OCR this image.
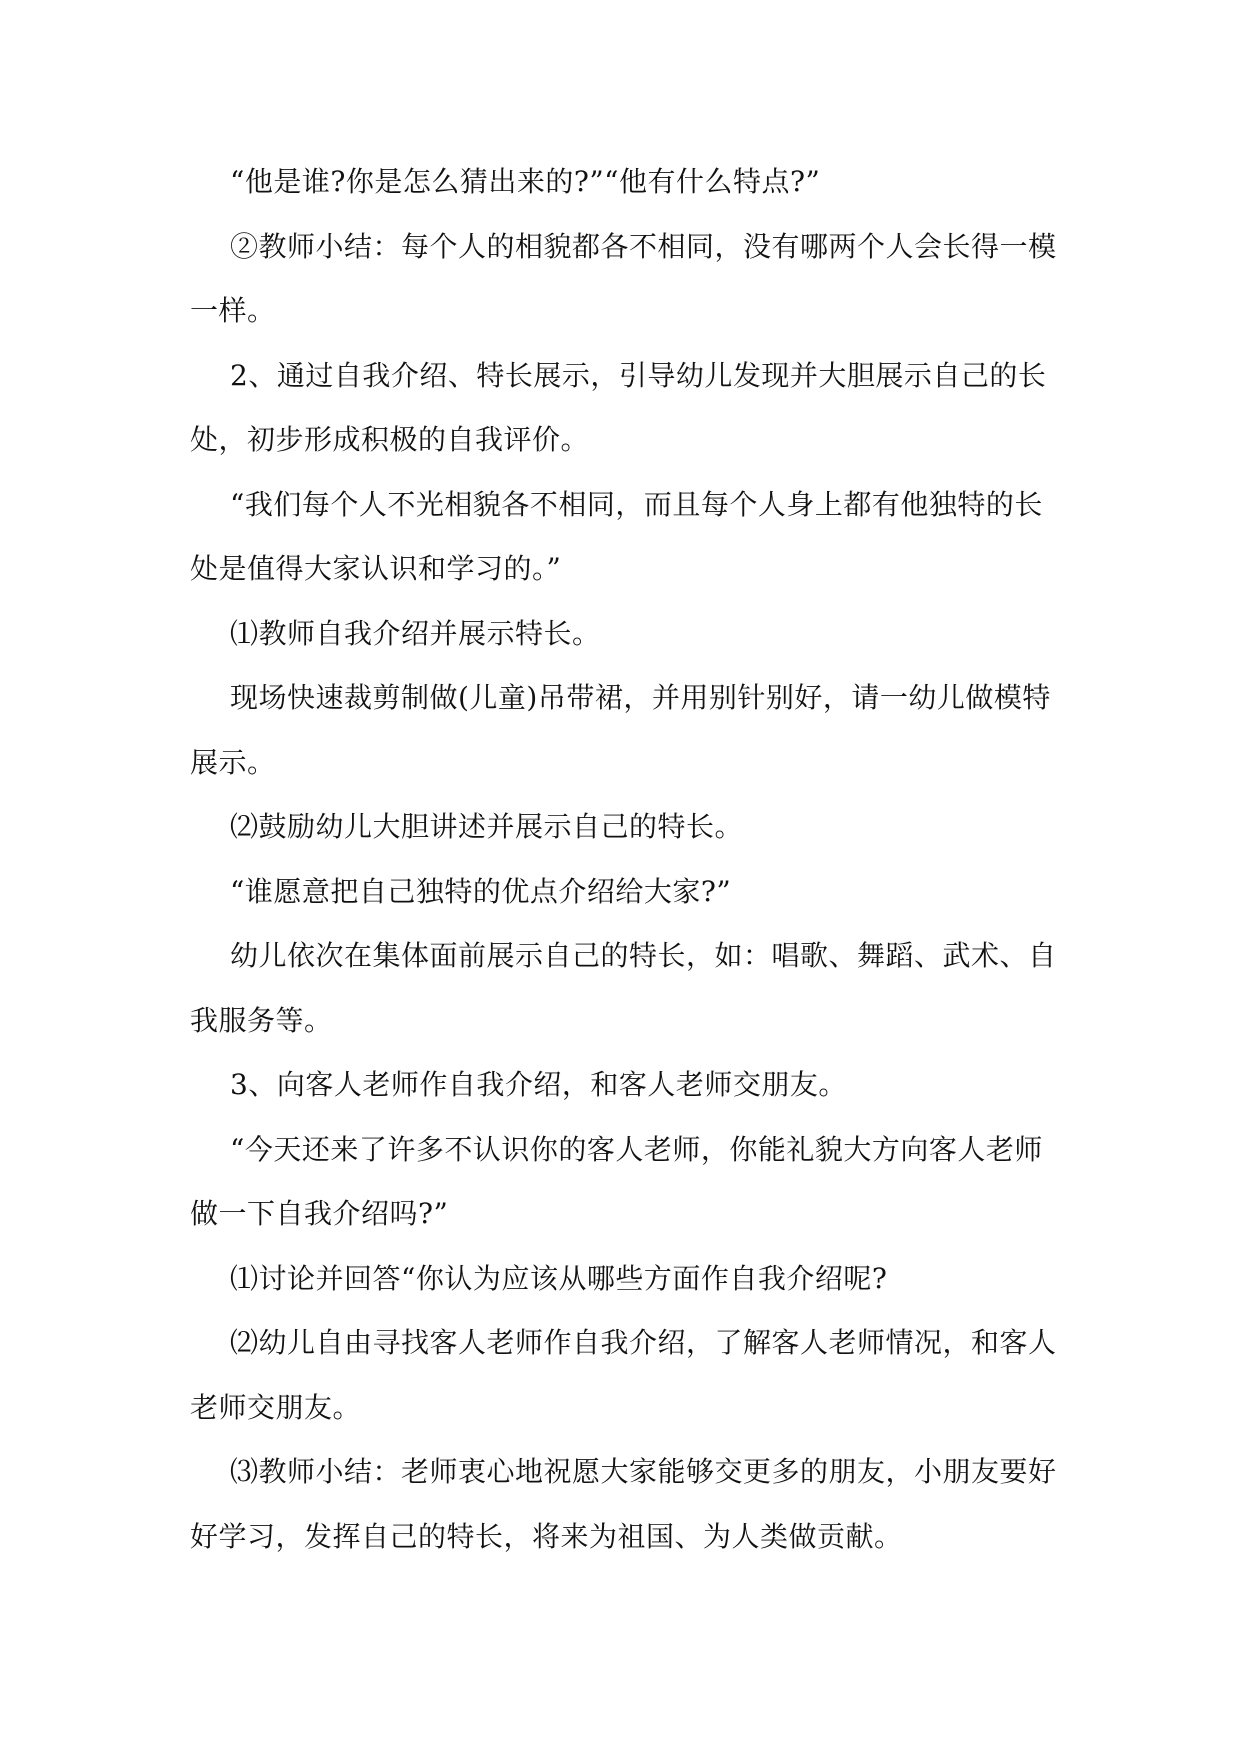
“他是谁?你是怎么猜出来的?”“他有什么特点?”

②教师小结：每个人的相貌都各不相同，没有哪两个人会长得一模一样。

2、通过自我介绍、特长展示，引导幼儿发现并大胆展示自己的长处，初步形成积极的自我评价。

“我们每个人不光相貌各不相同，而且每个人身上都有他独特的长处是值得大家认识和学习的。”

⑴教师自我介绍并展示特长。

现场快速裁剪制做(儿童)吊带裙，并用别针别好，请一幼儿做模特展示。

⑵鼓励幼儿大胆讲述并展示自己的特长。

“谁愿意把自己独特的优点介绍给大家?”

幼儿依次在集体面前展示自己的特长，如：唱歌、舞蹈、武术、自我服务等。

3、向客人老师作自我介绍，和客人老师交朋友。

“今天还来了许多不认识你的客人老师，你能礼貌大方向客人老师做一下自我介绍吗?”

⑴讨论并回答“你认为应该从哪些方面作自我介绍呢?

⑵幼儿自由寻找客人老师作自我介绍，了解客人老师情况，和客人老师交朋友。

⑶教师小结：老师衷心地祝愿大家能够交更多的朋友，小朋友要好好学习，发挥自己的特长，将来为祖国、为人类做贡献。
